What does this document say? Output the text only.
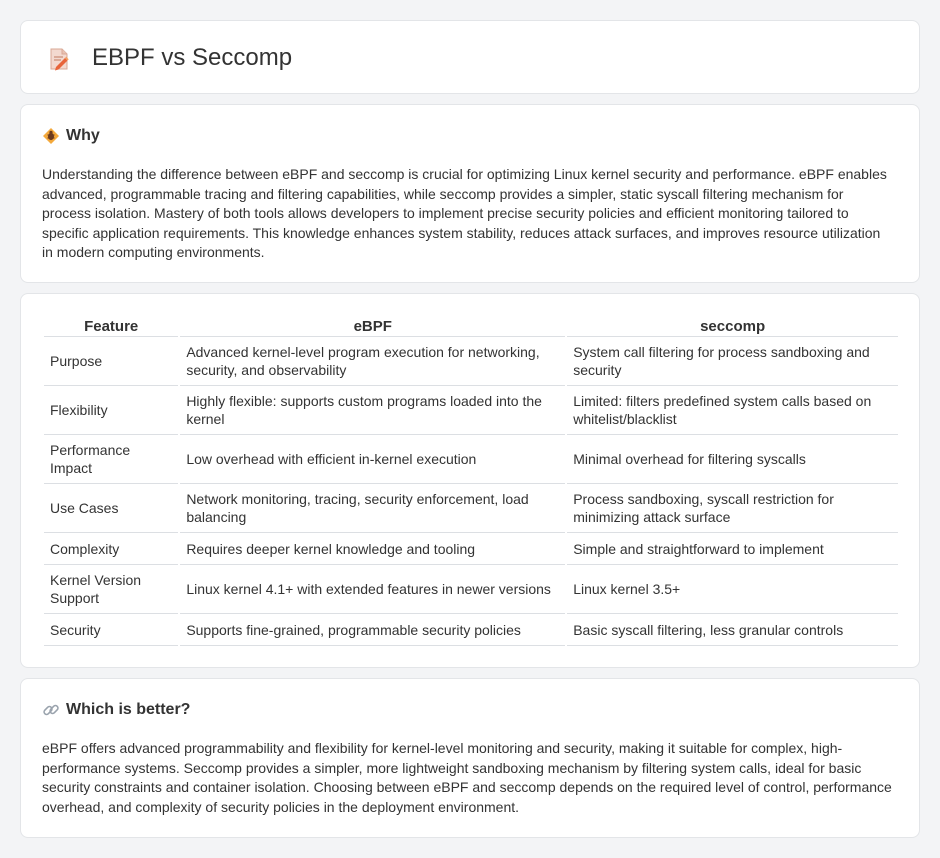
EBPF vs Seccomp
Why

Understanding the difference between eBPF and seccomp is crucial for optimizing Linux kernel security and performance. eBPF enables advanced, programmable tracing and filtering capabilities, while seccomp provides a simpler, static syscall filtering mechanism for process isolation. Mastery of both tools allows developers to implement precise security policies and efficient monitoring tailored to specific application requirements. This knowledge enhances system stability, reduces attack surfaces, and improves resource utilization in modern computing environments.

Feature	eBPF	seccomp
Purpose	Advanced kernel-level program execution for networking, security, and observability	System call filtering for process sandboxing and security
Flexibility	Highly flexible: supports custom programs loaded into the kernel	Limited: filters predefined system calls based on whitelist/blacklist
Performance Impact	Low overhead with efficient in-kernel execution	Minimal overhead for filtering syscalls
Use Cases	Network monitoring, tracing, security enforcement, load balancing	Process sandboxing, syscall restriction for minimizing attack surface
Complexity	Requires deeper kernel knowledge and tooling	Simple and straightforward to implement
Kernel Version Support	Linux kernel 4.1+ with extended features in newer versions	Linux kernel 3.5+
Security	Supports fine-grained, programmable security policies	Basic syscall filtering, less granular controls
Which is better?

eBPF offers advanced programmability and flexibility for kernel-level monitoring and security, making it suitable for complex, high-performance systems. Seccomp provides a simpler, more lightweight sandboxing mechanism by filtering system calls, ideal for basic security constraints and container isolation. Choosing between eBPF and seccomp depends on the required level of control, performance overhead, and complexity of security policies in the deployment environment.
